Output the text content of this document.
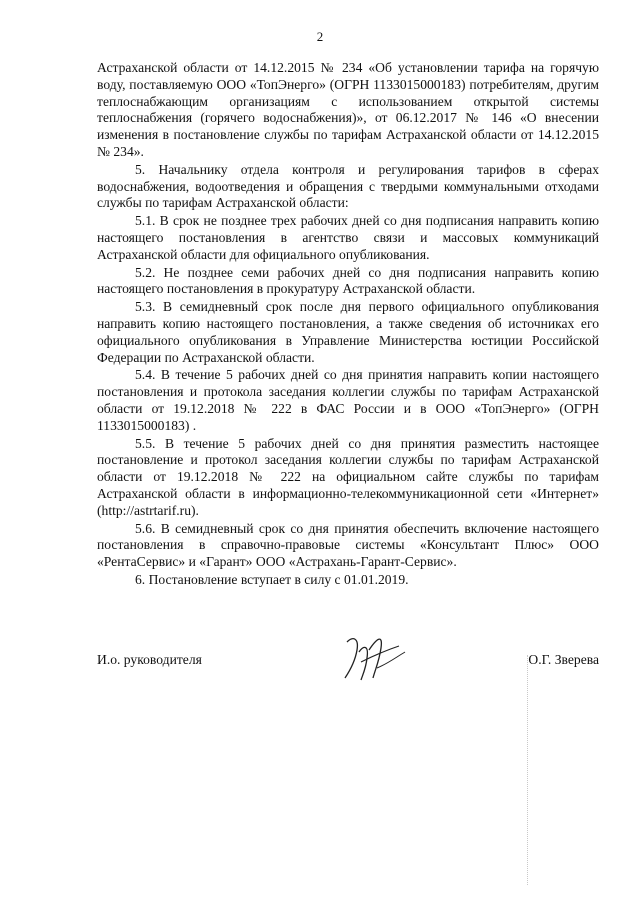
2

Астраханской области от 14.12.2015 № 234 «Об установлении тарифа на горячую воду, поставляемую ООО «ТопЭнерго» (ОГРН 1133015000183) потребителям, другим теплоснабжающим организациям с использованием открытой системы теплоснабжения (горячего водоснабжения)», от 06.12.2017 № 146 «О внесении изменения в постановление службы по тарифам Астраханской области от 14.12.2015 № 234».

5. Начальнику отдела контроля и регулирования тарифов в сферах водоснабжения, водоотведения и обращения с твердыми коммунальными отходами службы по тарифам Астраханской области:

5.1. В срок не позднее трех рабочих дней со дня подписания направить копию настоящего постановления в агентство связи и массовых коммуникаций Астраханской области для официального опубликования.

5.2. Не позднее семи рабочих дней со дня подписания направить копию настоящего постановления в прокуратуру Астраханской области.

5.3. В семидневный срок после дня первого официального опубликования направить копию настоящего постановления, а также сведения об источниках его официального опубликования в Управление Министерства юстиции Российской Федерации по Астраханской области.

5.4. В течение 5 рабочих дней со дня принятия направить копии настоящего постановления и протокола заседания коллегии службы по тарифам Астраханской области от 19.12.2018 № 222 в ФАС России и в ООО «ТопЭнерго» (ОГРН 1133015000183) .

5.5. В течение 5 рабочих дней со дня принятия разместить настоящее постановление и протокол заседания коллегии службы по тарифам Астраханской области от 19.12.2018 № 222 на официальном сайте службы по тарифам Астраханской области в информационно-телекоммуникационной сети «Интернет» (http://astrtarif.ru).

5.6. В семидневный срок со дня принятия обеспечить включение настоящего постановления в справочно-правовые системы «Консультант Плюс» ООО «РентаСервис» и «Гарант» ООО «Астрахань-Гарант-Сервис».

6. Постановление вступает в силу с 01.01.2019.

И.о. руководителя	О.Г. Зверева
